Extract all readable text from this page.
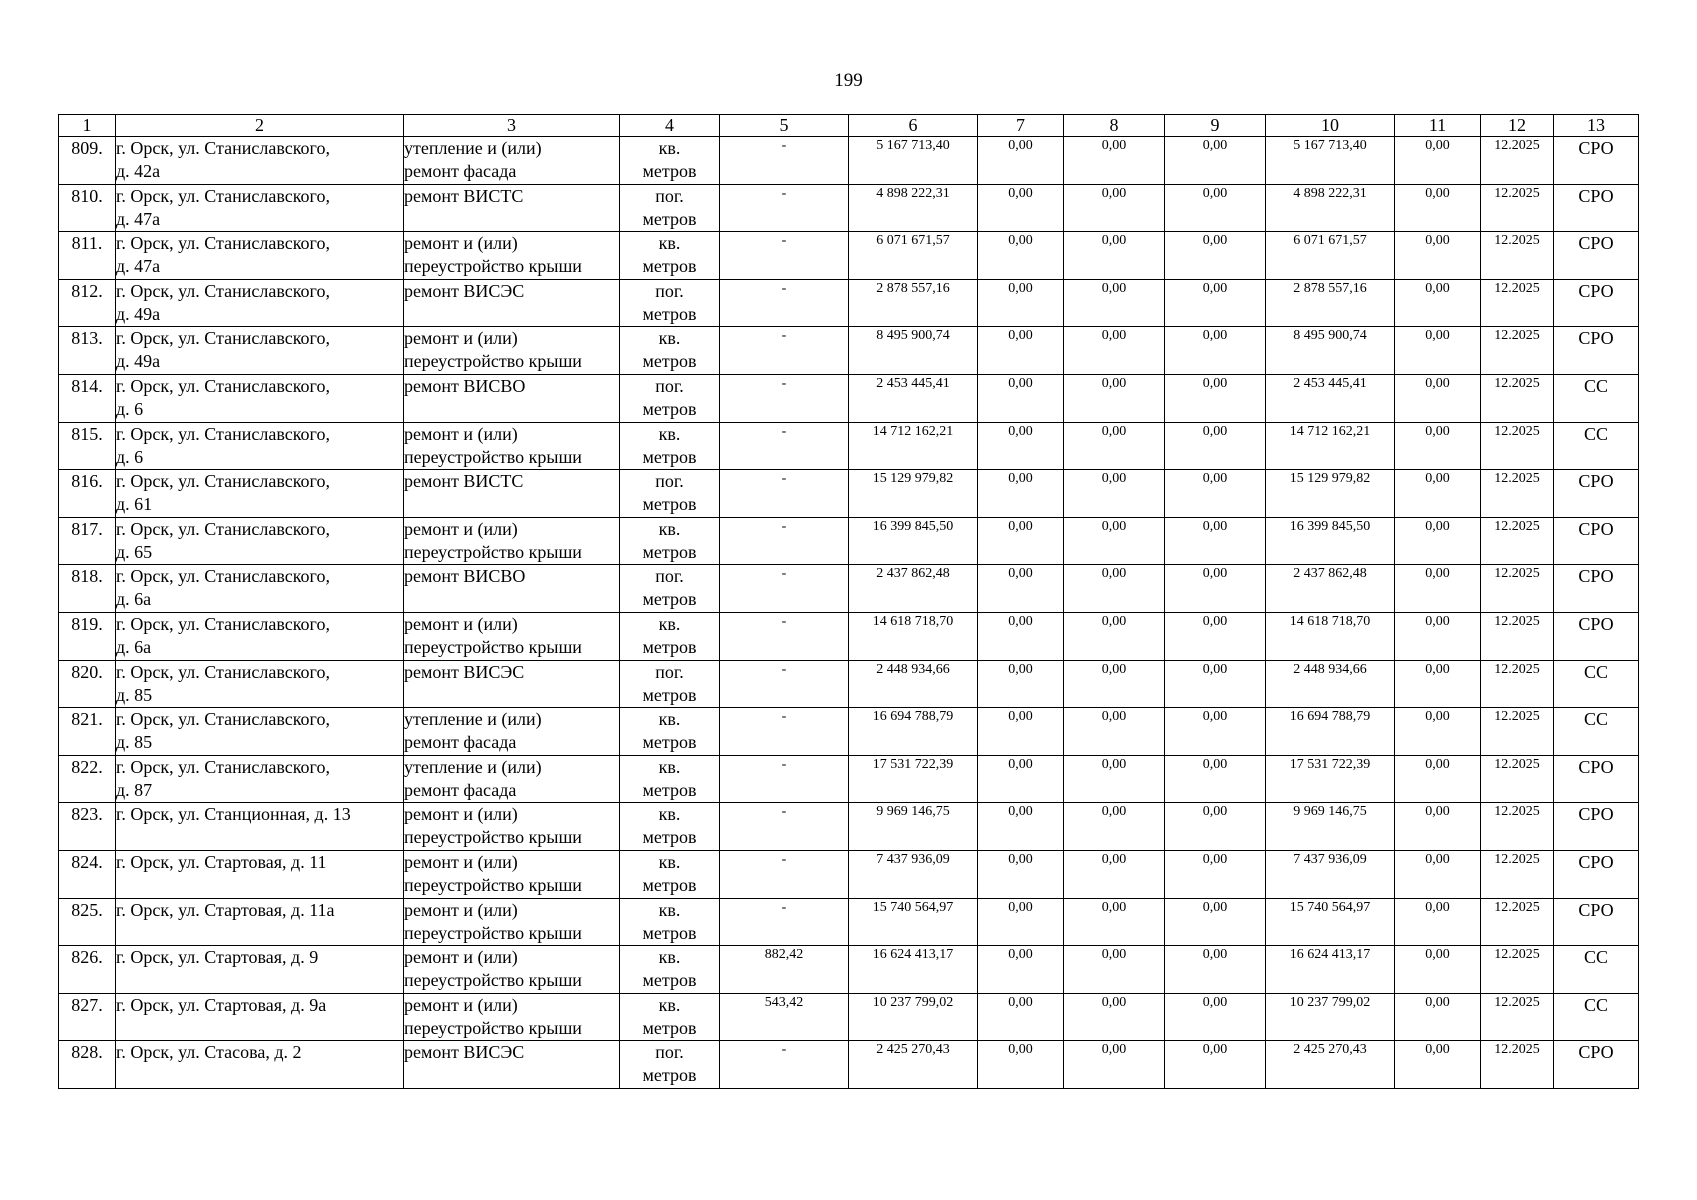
199
1	2	3	4	5	6	7	8	9	10	11	12	13
809.	г. Орск, ул. Станиславского,
д. 42а	утепление и (или)
ремонт фасада	кв.
метров	-	5 167 713,40	0,00	0,00	0,00	5 167 713,40	0,00	12.2025	СРО
810.	г. Орск, ул. Станиславского,
д. 47а	ремонт ВИСТС	пог.
метров	-	4 898 222,31	0,00	0,00	0,00	4 898 222,31	0,00	12.2025	СРО
811.	г. Орск, ул. Станиславского,
д. 47а	ремонт и (или)
переустройство крыши	кв.
метров	-	6 071 671,57	0,00	0,00	0,00	6 071 671,57	0,00	12.2025	СРО
812.	г. Орск, ул. Станиславского,
д. 49а	ремонт ВИСЭС	пог.
метров	-	2 878 557,16	0,00	0,00	0,00	2 878 557,16	0,00	12.2025	СРО
813.	г. Орск, ул. Станиславского,
д. 49а	ремонт и (или)
переустройство крыши	кв.
метров	-	8 495 900,74	0,00	0,00	0,00	8 495 900,74	0,00	12.2025	СРО
814.	г. Орск, ул. Станиславского,
д. 6	ремонт ВИСВО	пог.
метров	-	2 453 445,41	0,00	0,00	0,00	2 453 445,41	0,00	12.2025	СС
815.	г. Орск, ул. Станиславского,
д. 6	ремонт и (или)
переустройство крыши	кв.
метров	-	14 712 162,21	0,00	0,00	0,00	14 712 162,21	0,00	12.2025	СС
816.	г. Орск, ул. Станиславского,
д. 61	ремонт ВИСТС	пог.
метров	-	15 129 979,82	0,00	0,00	0,00	15 129 979,82	0,00	12.2025	СРО
817.	г. Орск, ул. Станиславского,
д. 65	ремонт и (или)
переустройство крыши	кв.
метров	-	16 399 845,50	0,00	0,00	0,00	16 399 845,50	0,00	12.2025	СРО
818.	г. Орск, ул. Станиславского,
д. 6а	ремонт ВИСВО	пог.
метров	-	2 437 862,48	0,00	0,00	0,00	2 437 862,48	0,00	12.2025	СРО
819.	г. Орск, ул. Станиславского,
д. 6а	ремонт и (или)
переустройство крыши	кв.
метров	-	14 618 718,70	0,00	0,00	0,00	14 618 718,70	0,00	12.2025	СРО
820.	г. Орск, ул. Станиславского,
д. 85	ремонт ВИСЭС	пог.
метров	-	2 448 934,66	0,00	0,00	0,00	2 448 934,66	0,00	12.2025	СС
821.	г. Орск, ул. Станиславского,
д. 85	утепление и (или)
ремонт фасада	кв.
метров	-	16 694 788,79	0,00	0,00	0,00	16 694 788,79	0,00	12.2025	СС
822.	г. Орск, ул. Станиславского,
д. 87	утепление и (или)
ремонт фасада	кв.
метров	-	17 531 722,39	0,00	0,00	0,00	17 531 722,39	0,00	12.2025	СРО
823.	г. Орск, ул. Станционная, д. 13	ремонт и (или)
переустройство крыши	кв.
метров	-	9 969 146,75	0,00	0,00	0,00	9 969 146,75	0,00	12.2025	СРО
824.	г. Орск, ул. Стартовая, д. 11	ремонт и (или)
переустройство крыши	кв.
метров	-	7 437 936,09	0,00	0,00	0,00	7 437 936,09	0,00	12.2025	СРО
825.	г. Орск, ул. Стартовая, д. 11а	ремонт и (или)
переустройство крыши	кв.
метров	-	15 740 564,97	0,00	0,00	0,00	15 740 564,97	0,00	12.2025	СРО
826.	г. Орск, ул. Стартовая, д. 9	ремонт и (или)
переустройство крыши	кв.
метров	882,42	16 624 413,17	0,00	0,00	0,00	16 624 413,17	0,00	12.2025	СС
827.	г. Орск, ул. Стартовая, д. 9а	ремонт и (или)
переустройство крыши	кв.
метров	543,42	10 237 799,02	0,00	0,00	0,00	10 237 799,02	0,00	12.2025	СС
828.	г. Орск, ул. Стасова, д. 2	ремонт ВИСЭС	пог.
метров	-	2 425 270,43	0,00	0,00	0,00	2 425 270,43	0,00	12.2025	СРО
